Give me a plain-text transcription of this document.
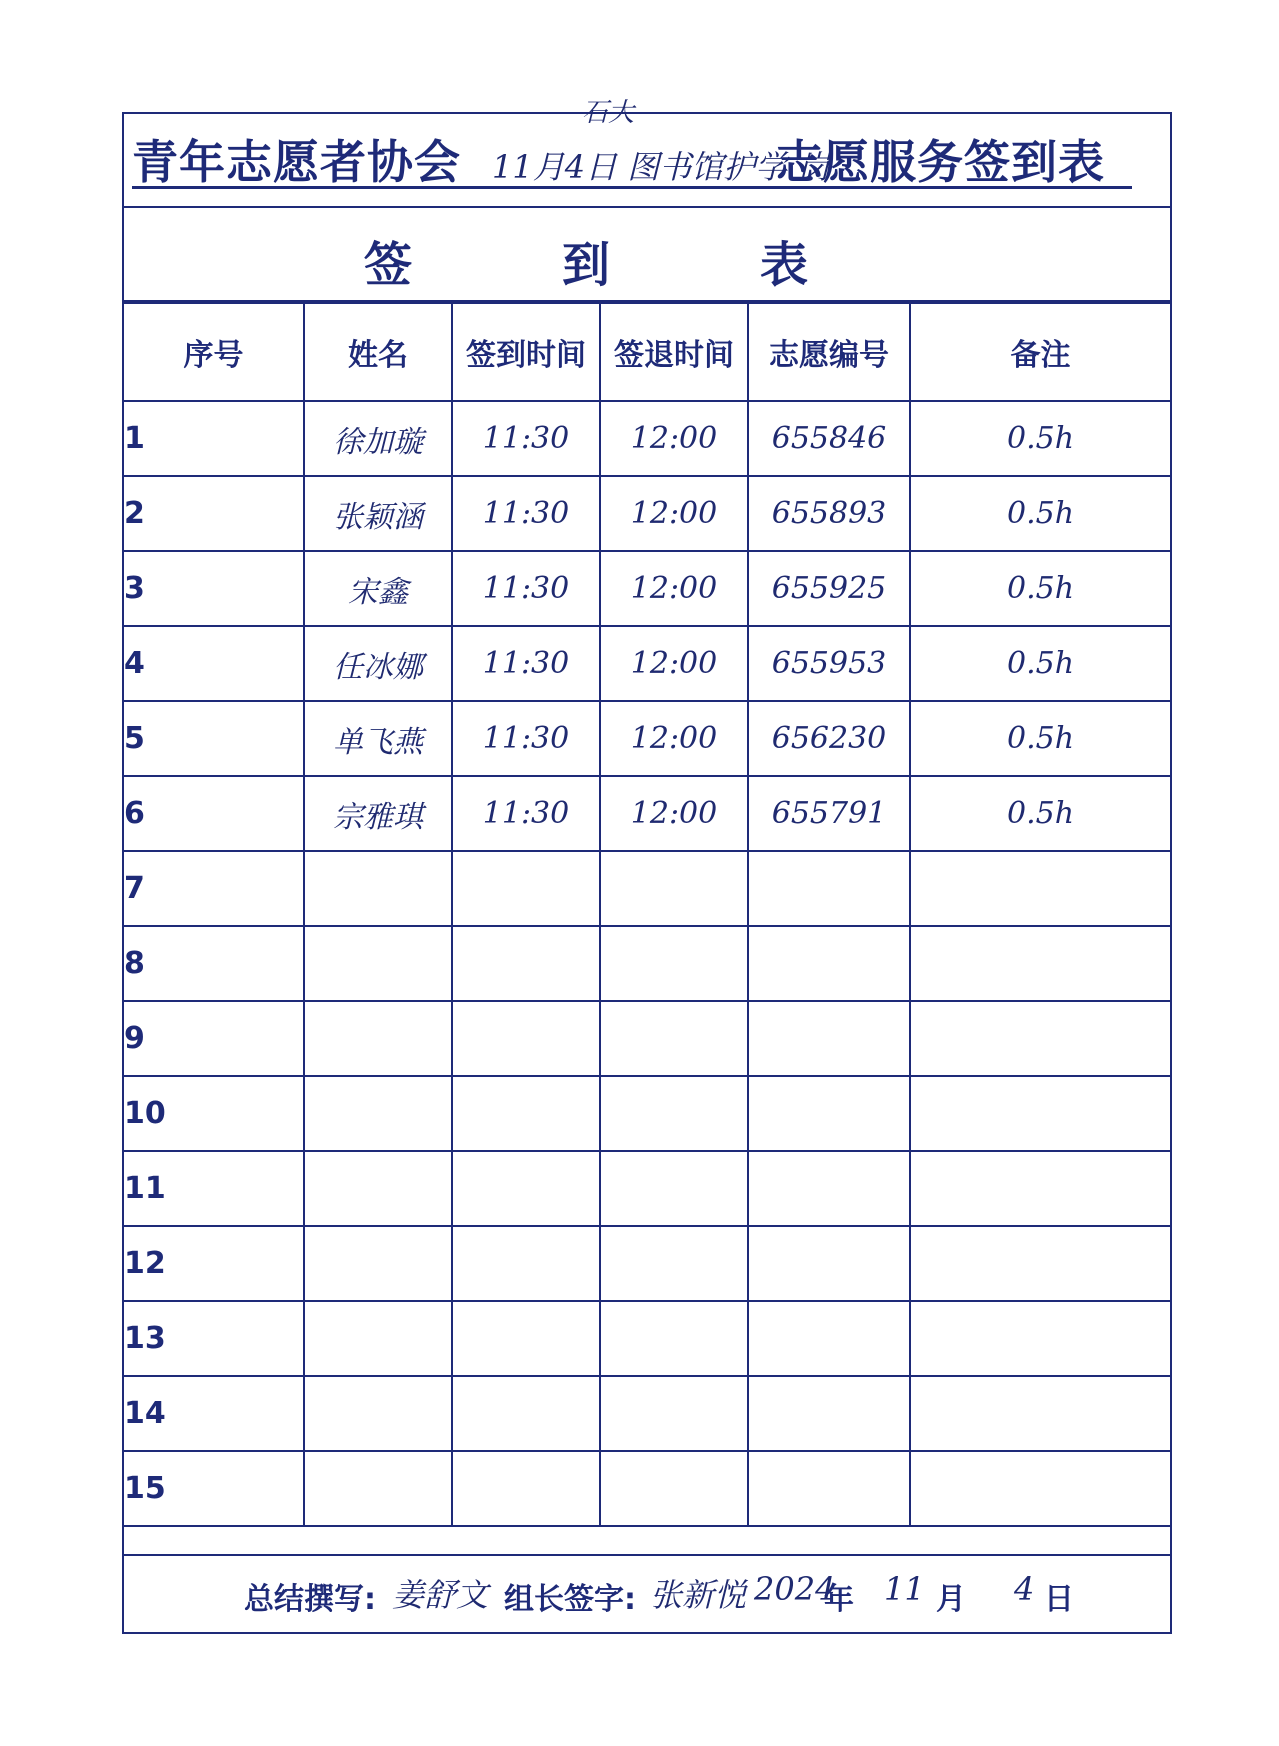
青年志愿者协会
石大
11月4日 图书馆护学 岗
志愿服务签到表
签到表
序号	姓名	签到时间	签退时间	志愿编号	备注
1	徐加璇	11:30	12:00	655846	0.5h
2	张颖涵	11:30	12:00	655893	0.5h
3	宋鑫	11:30	12:00	655925	0.5h
4	任冰娜	11:30	12:00	655953	0.5h
5	单飞燕	11:30	12:00	656230	0.5h
6	宗雅琪	11:30	12:00	655791	0.5h
7					
8					
9					
10					
11					
12					
13					
14					
15					
总结撰写: 姜舒文 组长签字: 张新悦 2024
年 11 月 4 日
